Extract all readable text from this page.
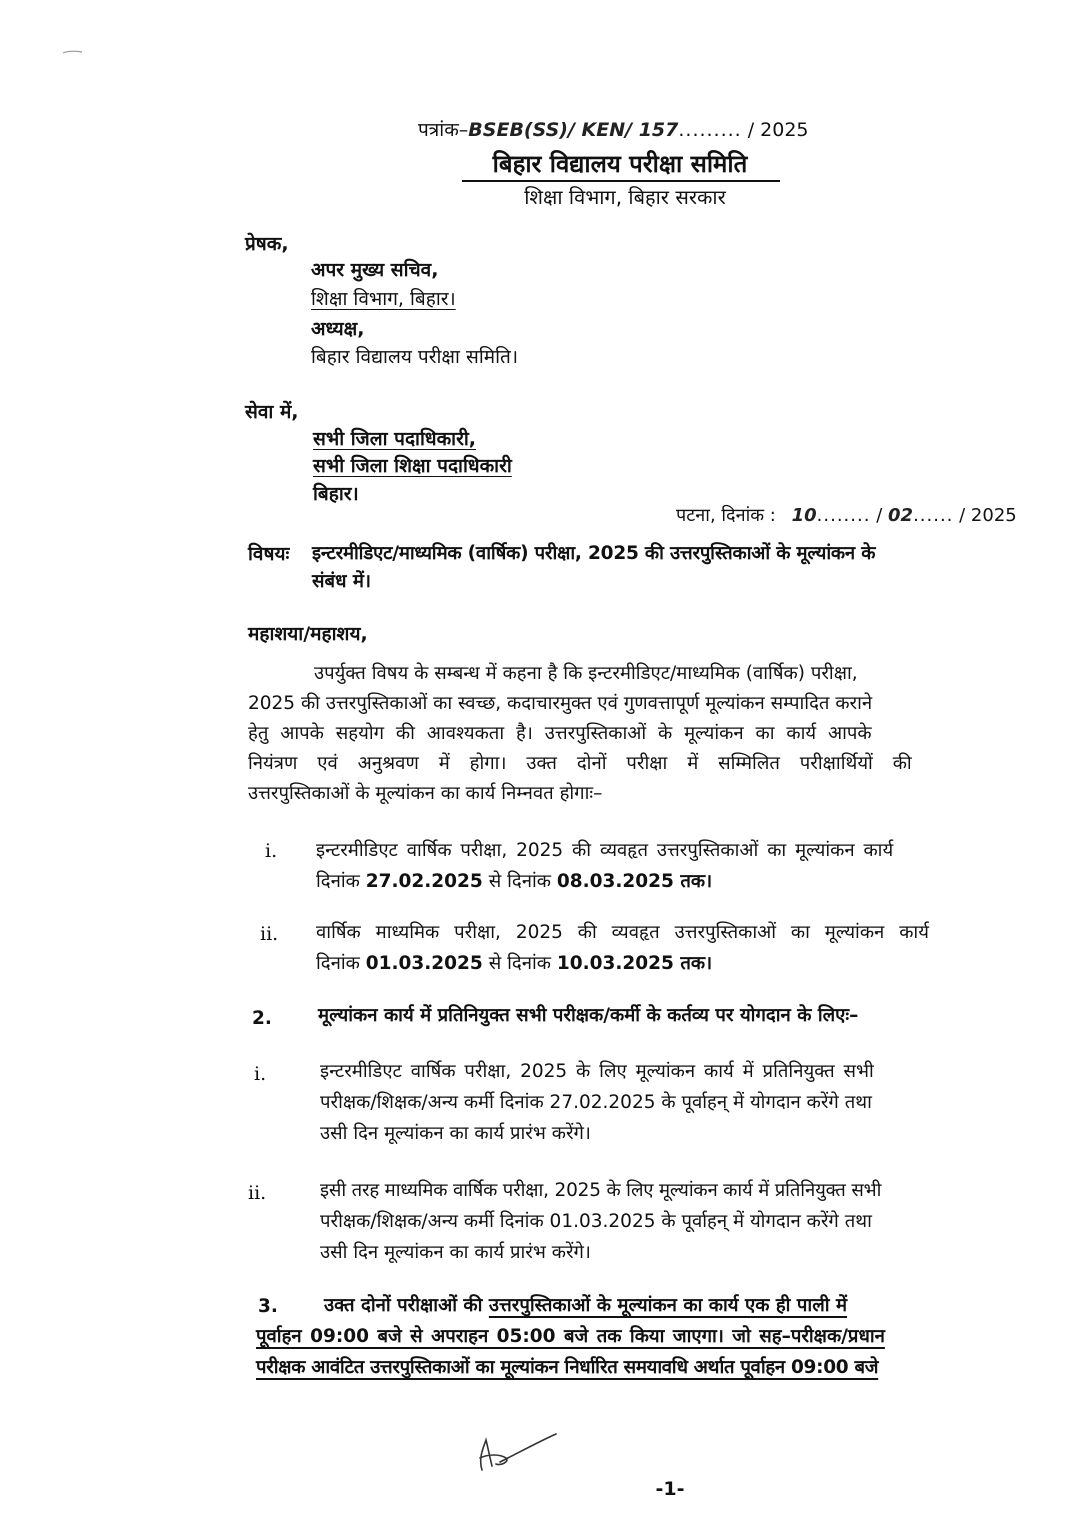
पत्रांक–BSEB(SS)/ KEN/ 157......... / 2025
बिहार विद्यालय परीक्षा समिति
शिक्षा विभाग, बिहार सरकार
प्रेषक,
अपर मुख्य सचिव,
शिक्षा विभाग, बिहार।
अध्यक्ष,
बिहार विद्यालय परीक्षा समिति।
सेवा में,
सभी जिला पदाधिकारी,
सभी जिला शिक्षा पदाधिकारी
बिहार।
पटना, दिनांक : 10........ / 02...... / 2025
विषयः इन्टरमीडिएट/माध्यमिक (वार्षिक) परीक्षा, 2025 की उत्तरपुस्तिकाओं के मूल्यांकन के
संबंध में।
महाशया/महाशय,
उपर्युक्त विषय के सम्बन्ध में कहना है कि इन्टरमीडिएट/माध्यमिक (वार्षिक) परीक्षा,
2025 की उत्तरपुस्तिकाओं का स्वच्छ, कदाचारमुक्त एवं गुणवत्तापूर्ण मूल्यांकन सम्पादित कराने
हेतु आपके सहयोग की आवश्यकता है। उत्तरपुस्तिकाओं के मूल्यांकन का कार्य आपके
नियंत्रण एवं अनुश्रवण में होगा। उक्त दोनों परीक्षा में सम्मिलित परीक्षार्थियों की
उत्तरपुस्तिकाओं के मूल्यांकन का कार्य निम्नवत होगाः–
i. इन्टरमीडिएट वार्षिक परीक्षा, 2025 की व्यवहृत उत्तरपुस्तिकाओं का मूल्यांकन कार्य
दिनांक 27.02.2025 से दिनांक 08.03.2025 तक।
ii. वार्षिक माध्यमिक परीक्षा, 2025 की व्यवहृत उत्तरपुस्तिकाओं का मूल्यांकन कार्य
दिनांक 01.03.2025 से दिनांक 10.03.2025 तक।
2. मूल्यांकन कार्य में प्रतिनियुक्त सभी परीक्षक/कर्मी के कर्तव्य पर योगदान के लिएः–
i.	इन्टरमीडिएट वार्षिक परीक्षा, 2025 के लिए मूल्यांकन कार्य में प्रतिनियुक्त सभी
परीक्षक/शिक्षक/अन्य कर्मी दिनांक 27.02.2025 के पूर्वाहन् में योगदान करेंगे तथा
उसी दिन मूल्यांकन का कार्य प्रारंभ करेंगे।
ii.	इसी तरह माध्यमिक वार्षिक परीक्षा, 2025 के लिए मूल्यांकन कार्य में प्रतिनियुक्त सभी
परीक्षक/शिक्षक/अन्य कर्मी दिनांक 01.03.2025 के पूर्वाहन् में योगदान करेंगे तथा
उसी दिन मूल्यांकन का कार्य प्रारंभ करेंगे।
3.	उक्त दोनों परीक्षाओं की उत्तरपुस्तिकाओं के मूल्यांकन का कार्य एक ही पाली में
पूर्वाहन 09:00 बजे से अपराहन 05:00 बजे तक किया जाएगा। जो सह–परीक्षक/प्रधान
परीक्षक आवंटित उत्तरपुस्तिकाओं का मूल्यांकन निर्धारित समयावधि अर्थात पूर्वाहन 09:00 बजे
-1-
